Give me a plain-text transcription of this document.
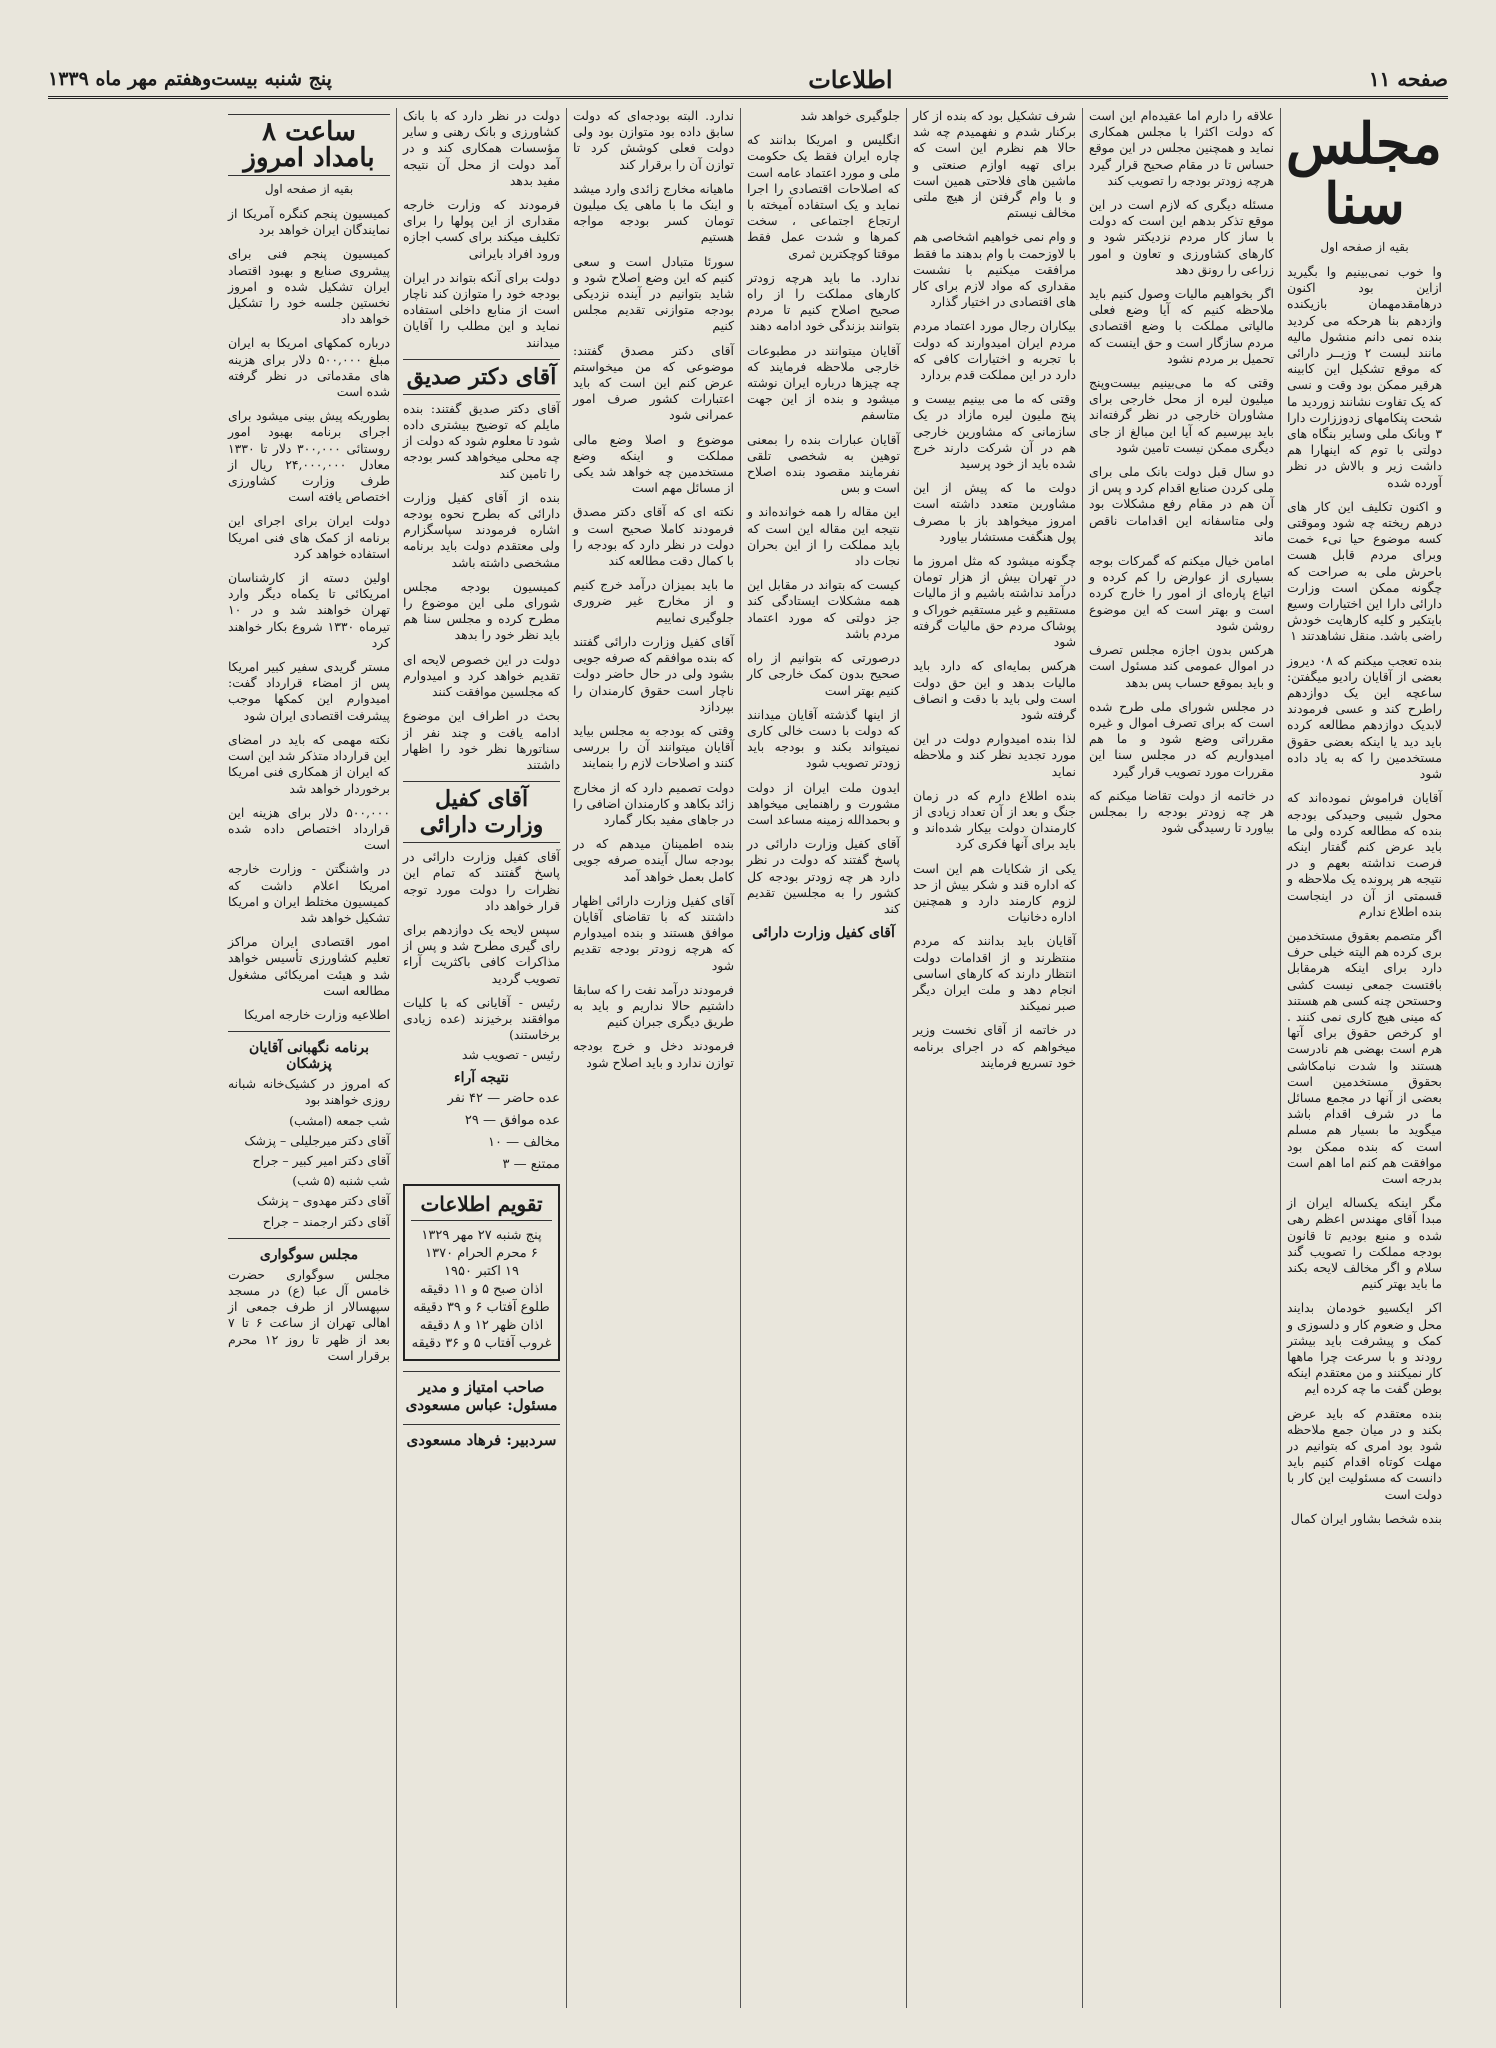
صفحه ۱۱
اطلاعات
پنج شنبه بیست‌وهفتم مهر ماه ۱۳۳۹
مجلس سنا
بقیه از صفحه اول

وا خوب نمی‌بینیم وا بگیرید ازاین بود اکنون درهامقدمهمان بازیکنده وازدهم بنا هرحکه می کردید بنده نمی دانم منشول ماليه مانند لبست ۲ وزیــر دارائی که موقع تشکیل این کابینه هرقیر ممکن بود وقت و نسی که یک تفاوت نشانند زوردید ما شحت پنکامهای زدوززارت دارا ۳ وبانک ملی وسایر بنگاه های دولتی با توم که اینهارا هم داشت زیر و بالاش در نظر آورده شده

و اکنون تکلیف این کار های درهم ریخته چه شود وموقتی کسه موضوع حیا نیء خمت وبرای مردم قابل هست باحرش ملی به صراحت که چگونه ممکن است وزارت دارائی دارا این اختیارات وسیع بایتکیر و کلیه کارهایت خودش راضی باشد. منقل نشاهدتند ۱

بنده تعجب میکنم که ۰۸ دیروز بعضی از آقایان رادیو میگفتن: ساعچه این یک دوازدهم راطرح کند و عسی فرمودند لابدیک دوازدهم مطالعه کرده باید دید یا اینکه بعضی حقوق مستخدمین را که به یاد داده شود

آقایان فراموش نموده‌اند که محول شیبی وحیدکی بودجه بنده که مطالعه کرده ولی ما باید عرض کنم گفتار اینکه فرصت نداشته بعهم و در نتیجه هر پرونده یک ملاحظه و قسمتی از آن در اینجاست بنده اطلاع ندارم

اگر متصمم بعقوق مستخدمین بری کرده هم الیته خیلی حرف دارد برای اینکه هرمقابل بافتست جمعی نیست کشی وحستحن چنه کسی هم هستند که مینی هیچ کاری نمی کنند . او کرخص حقوق برای آتها هرم است بهضی هم نادرست هستند وا شدت نبامکاشی بحقوق مستخدمین است بعضی از آنها در مجمع مسائل ما در شرف اقدام باشد میگوید ما بسیار هم مسلم است که بنده ممکن بود موافقت هم کنم اما اهم است بدرجه است

مگر اینکه یکساله ایران از مبدا آقای مهندس اعظم رهی شده و منبع بودیم تا قانون بودجه مملکت را تصویب گند سلام و اگر مخالف لایحه بکند ما باید بهتر کنیم

اکر ایکسیو خودمان بدایند محل و ضعوم کار و دلسوزی و کمک و پیشرفت باید بیشتر رودند و با سرعت چرا ماهها کار نمیکنند و من معتقدم اینکه بوطن گفت ما چه کرده ایم

بنده معتقدم که باید عرض بکند و در میان جمع ملاحظه شود بود امری که بتوانیم در مهلت کوتاه اقدام کنیم باید دانست که مسئولیت این کار با دولت است

بنده شخصا بشاور ایران کمال

علاقه را دارم اما عقیده‌ام این است که دولت اکثرا با مجلس همکاری نماید و همچنین مجلس در این موقع حساس تا در مقام صحیح قرار گیرد هرچه زودتر بودجه را تصویب کند

مسئله دیگری که لازم است در این موقع تذکر بدهم این است که دولت با ساز کار مردم نزدیکتر شود و کارهای کشاورزی و تعاون و امور زراعی را رونق دهد

اگر بخواهیم مالیات وصول کنیم باید ملاحظه کنیم که آیا وضع فعلی مالیاتی مملکت با وضع اقتصادی مردم سازگار است و حق اینست که تحمیل بر مردم نشود

وقتی که ما می‌بینیم بیست‌وپنج میلیون لیره از محل خارجی برای مشاوران خارجی در نظر گرفته‌اند باید بپرسیم که آیا این مبالغ از جای دیگری ممکن نیست تامین شود

دو سال قبل دولت بانک ملی برای ملی کردن صنایع اقدام کرد و پس از آن هم در مقام رفع مشکلات بود ولی متاسفانه این اقدامات ناقص ماند

امامن خیال میکنم که گمرکات بوجه بسیاری از عوارض را کم کرده و اتیاع پاره‌ای از امور را خارج کرده است و بهتر است که این موضوع روشن شود

هرکس بدون اجازه مجلس تصرف در اموال عمومی کند مسئول است و باید بموقع حساب پس بدهد

در مجلس شورای ملی طرح شده است که برای تصرف اموال و غیره مقرراتی وضع شود و ما هم امیدواریم که در مجلس سنا این مقررات مورد تصویب قرار گیرد

در خاتمه از دولت تقاضا میکنم که هر چه زودتر بودجه را بمجلس بیاورد تا رسیدگی شود

شرف تشکیل بود که بنده از کار برکنار شدم و نفهمیدم چه شد حالا هم نظرم این است که برای تهیه اوازم صنعتی و ماشین های فلاحتی همین است و با وام گرفتن از هیچ ملتی مخالف نیستم

و وام نمی خواهیم اشخاصی هم با لاوزحمت با وام بدهند ما فقط مرافقت میکنیم با نشست مقداری که مواد لازم برای کار های اقتصادی در اختیار گذارد

بیکاران رجال مورد اعتماد مردم مردم ایران امیدوارند که دولت با تجربه و اختیارات کافی که دارد در این مملکت قدم بردارد

وقتی که ما می بینیم بیست و پنج ملیون لیره مازاد در یک سازمانی که مشاورین خارجی هم در آن شرکت دارند خرج شده باید از خود پرسید

دولت ما که پیش از این مشاورین متعدد داشته است امروز میخواهد باز با مصرف پول هنگفت مستشار بیاورد

چگونه میشود که مثل امروز ما در تهران بیش از هزار تومان درآمد نداشته باشیم و از مالیات مستقیم و غیر مستقیم خوراک و پوشاک مردم حق مالیات گرفته شود

هرکس بمایه‌ای که دارد باید مالیات بدهد و این حق دولت است ولی باید با دقت و انصاف گرفته شود

لذا بنده امیدوارم دولت در این مورد تجدید نظر کند و ملاحظه نماید

بنده اطلاع دارم که در زمان جنگ و بعد از آن تعداد زیادی از کارمندان دولت بیکار شده‌اند و باید برای آنها فکری کرد

یکی از شکایات هم این است که اداره قند و شکر بیش از حد لزوم کارمند دارد و همچنین اداره دخانیات

آقایان باید بدانند که مردم منتظرند و از اقدامات دولت انتظار دارند که کارهای اساسی انجام دهد و ملت ایران دیگر صبر نمیکند

در خاتمه از آقای نخست وزیر میخواهم که در اجرای برنامه خود تسریع فرمایند

جلوگیری خواهد شد

انگلیس و امریکا بدانند که چاره ایران فقط یک حکومت ملی و مورد اعتماد عامه است که اصلاحات اقتصادی را اجرا نماید و یک استفاده آمیخته با ارتجاع اجتماعی ، سخت کمرها و شدت عمل فقط موقتا کوچکترین ثمری

ندارد. ما باید هرچه زودتر کارهای مملکت را از راه صحیح اصلاح کنیم تا مردم بتوانند بزندگی خود ادامه دهند

آقایان میتوانند در مطبوعات خارجی ملاحظه فرمایند که چه چیزها درباره ایران نوشته میشود و بنده از این جهت متاسفم

آقایان عبارات بنده را بمعنی توهین به شخصی تلقی نفرمایند مقصود بنده اصلاح است و بس

این مقاله را همه خوانده‌اند و نتیجه این مقاله این است که باید مملکت را از این بحران نجات داد

کیست که بتواند در مقابل این همه مشکلات ایستادگی کند جز دولتی که مورد اعتماد مردم باشد

درصورتی که بتوانیم از راه صحیح بدون کمک خارجی کار کنیم بهتر است

از اینها گذشته آقایان میدانند که دولت با دست خالی کاری نمیتواند بکند و بودجه باید زودتر تصویب شود

ایدون ملت ایران از دولت مشورت و راهنمایی میخواهد و بحمدالله زمینه مساعد است

آقای کفیل وزارت دارائی در پاسخ گفتند که دولت در نظر دارد هر چه زودتر بودجه کل کشور را به مجلسین تقدیم کند

آقای کفیل وزارت دارائی

ندارد. البته بودجه‌ای که دولت سابق داده بود متوازن بود ولی دولت فعلی کوشش کرد تا توازن آن را برقرار کند

ماهیانه مخارج زائدی وارد میشد و اینک ما با ماهی یک میلیون تومان کسر بودجه مواجه هستیم

سورئا متبادل است و سعی کنیم که این وضع اصلاح شود و شاید بتوانیم در آینده نزدیکی بودجه متوازنی تقدیم مجلس کنیم

آقای دکتر مصدق گفتند: موضوعی که من میخواستم عرض کنم این است که باید اعتبارات کشور صرف امور عمرانی شود

موضوع و اصلا وضع مالی مملکت و اینکه وضع مستخدمین چه خواهد شد یکی از مسائل مهم است

نکته ای که آقای دکتر مصدق فرمودند کاملا صحیح است و دولت در نظر دارد که بودجه را با کمال دقت مطالعه کند

ما باید بمیزان درآمد خرج کنیم و از مخارج غیر ضروری جلوگیری نماییم

آقای کفیل وزارت دارائی گفتند که بنده موافقم که صرفه جویی بشود ولی در حال حاضر دولت ناچار است حقوق کارمندان را بپردازد

وقتی که بودجه به مجلس بیاید آقایان میتوانند آن را بررسی کنند و اصلاحات لازم را بنمایند

دولت تصمیم دارد که از مخارج زائد بکاهد و کارمندان اضافی را در جاهای مفید بکار گمارد

بنده اطمینان میدهم که در بودجه سال آینده صرفه جویی کامل بعمل خواهد آمد

آقای کفیل وزارت دارائی اظهار داشتند که با تقاضای آقایان موافق هستند و بنده امیدوارم که هرچه زودتر بودجه تقدیم شود

فرمودند درآمد نفت را که سابقا داشتیم حالا نداریم و باید به طریق دیگری جبران کنیم

فرمودند دخل و خرج بودجه توازن ندارد و باید اصلاح شود

دولت در نظر دارد که با بانک کشاورزی و بانک رهنی و سایر مؤسسات همکاری کند و در آمد دولت از محل آن نتیجه مفید بدهد

فرمودند که وزارت خارجه مقداری از این پولها را برای تکلیف میکند برای کسب اجازه ورود افراد بایرانی

دولت برای آنکه بتواند در ایران بودجه خود را متوازن کند ناچار است از منابع داخلی استفاده نماید و این مطلب را آقایان میدانند

آقای دکتر صدیق

آقای دکتر صدیق گفتند: بنده مایلم که توضیح بیشتری داده شود تا معلوم شود که دولت از چه محلی میخواهد کسر بودجه را تامین کند

بنده از آقای کفیل وزارت دارائی که بطرح نحوه بودجه اشاره فرمودند سپاسگزارم ولی معتقدم دولت باید برنامه مشخصی داشته باشد

کمیسیون بودجه مجلس شورای ملی این موضوع را مطرح کرده و مجلس سنا هم باید نظر خود را بدهد

دولت در این خصوص لایحه ای تقدیم خواهد کرد و امیدوارم که مجلسین موافقت کنند

بحث در اطراف این موضوع ادامه یافت و چند نفر از سناتورها نظر خود را اظهار داشتند

آقای کفیل وزارت دارائی

آقای کفیل وزارت دارائی در پاسخ گفتند که تمام این نظرات را دولت مورد توجه قرار خواهد داد

سپس لایحه یک دوازدهم برای رای گیری مطرح شد و پس از مذاکرات کافی باکثریت آراء تصویب گردید

رئیس - آقایانی که با کلیات موافقند برخیزند (عده زیادی برخاستند)

رئیس - تصویب شد

نتیجه آراء
عده حاضر — ۴۲ نفر
عده موافق — ۲۹
مخالف — ۱۰
ممتنع — ۳
تقویم اطلاعات
پنج شنبه ۲۷ مهر ۱۳۲۹
۶ محرم الحرام ۱۳۷۰
۱۹ اکتبر ۱۹۵۰
اذان صبح ۵ و ۱۱ دقیقه
طلوع آفتاب ۶ و ۳۹ دقیقه
اذان ظهر ۱۲ و ۸ دقیقه
غروب آفتاب ۵ و ۳۶ دقیقه
صاحب امتیاز و مدیر مسئول: عباس مسعودی
سردبیر: فرهاد مسعودی
ساعت ۸ بامداد امروز
بقیه از صفحه اول

کمیسیون پنجم کنگره آمریکا از نمایندگان ایران خواهد برد

کمیسیون پنجم فنی برای پیشروی صنایع و بهبود اقتصاد ایران تشکیل شده و امروز نخستین جلسه خود را تشکیل خواهد داد

درباره کمکهای امریکا به ایران مبلغ ۵۰۰,۰۰۰ دلار برای هزینه های مقدماتی در نظر گرفته شده است

بطوریکه پیش بینی میشود برای اجرای برنامه بهبود امور روستائی ۳۰۰,۰۰۰ دلار تا ۱۳۳۰ معادل ۲۴,۰۰۰,۰۰۰ ریال از طرف وزارت کشاورزی اختصاص یافته است

دولت ایران برای اجرای این برنامه از کمک های فنی امریکا استفاده خواهد کرد

اولین دسته از کارشناسان امریکائی تا یکماه دیگر وارد تهران خواهند شد و در ۱۰ تیرماه ۱۳۳۰ شروع بکار خواهند کرد

مستر گریدی سفیر کبیر امریکا پس از امضاء قرارداد گفت: امیدوارم این کمکها موجب پیشرفت اقتصادی ایران شود

نکته مهمی که باید در امضای این قرارداد متذکر شد این است که ایران از همکاری فنی امریکا برخوردار خواهد شد

۵۰۰,۰۰۰ دلار برای هزینه این قرارداد اختصاص داده شده است

در واشنگتن - وزارت خارجه امریکا اعلام داشت که کمیسیون مختلط ایران و امریکا تشکیل خواهد شد

امور اقتصادی ایران مراکز تعلیم کشاورزی تأسیس خواهد شد و هیئت امریکائی مشغول مطالعه است

اطلاعیه وزارت خارجه امریکا

برنامه نگهبانی آقایان پزشکان

که امروز در کشیک‌خانه شبانه روزی خواهند بود

شب جمعه (امشب)

آقای دکتر میرجلیلی – پزشک

آقای دکتر امیر کبیر – جراح

شب شنبه (۵ شب)

آقای دکتر مهدوی – پزشک

آقای دکتر ارجمند – جراح

مجلس سوگواری

مجلس سوگواری حضرت خامس آل عبا (ع) در مسجد سپهسالار از طرف جمعی از اهالی تهران از ساعت ۶ تا ۷ بعد از ظهر تا روز ۱۲ محرم برقرار است
